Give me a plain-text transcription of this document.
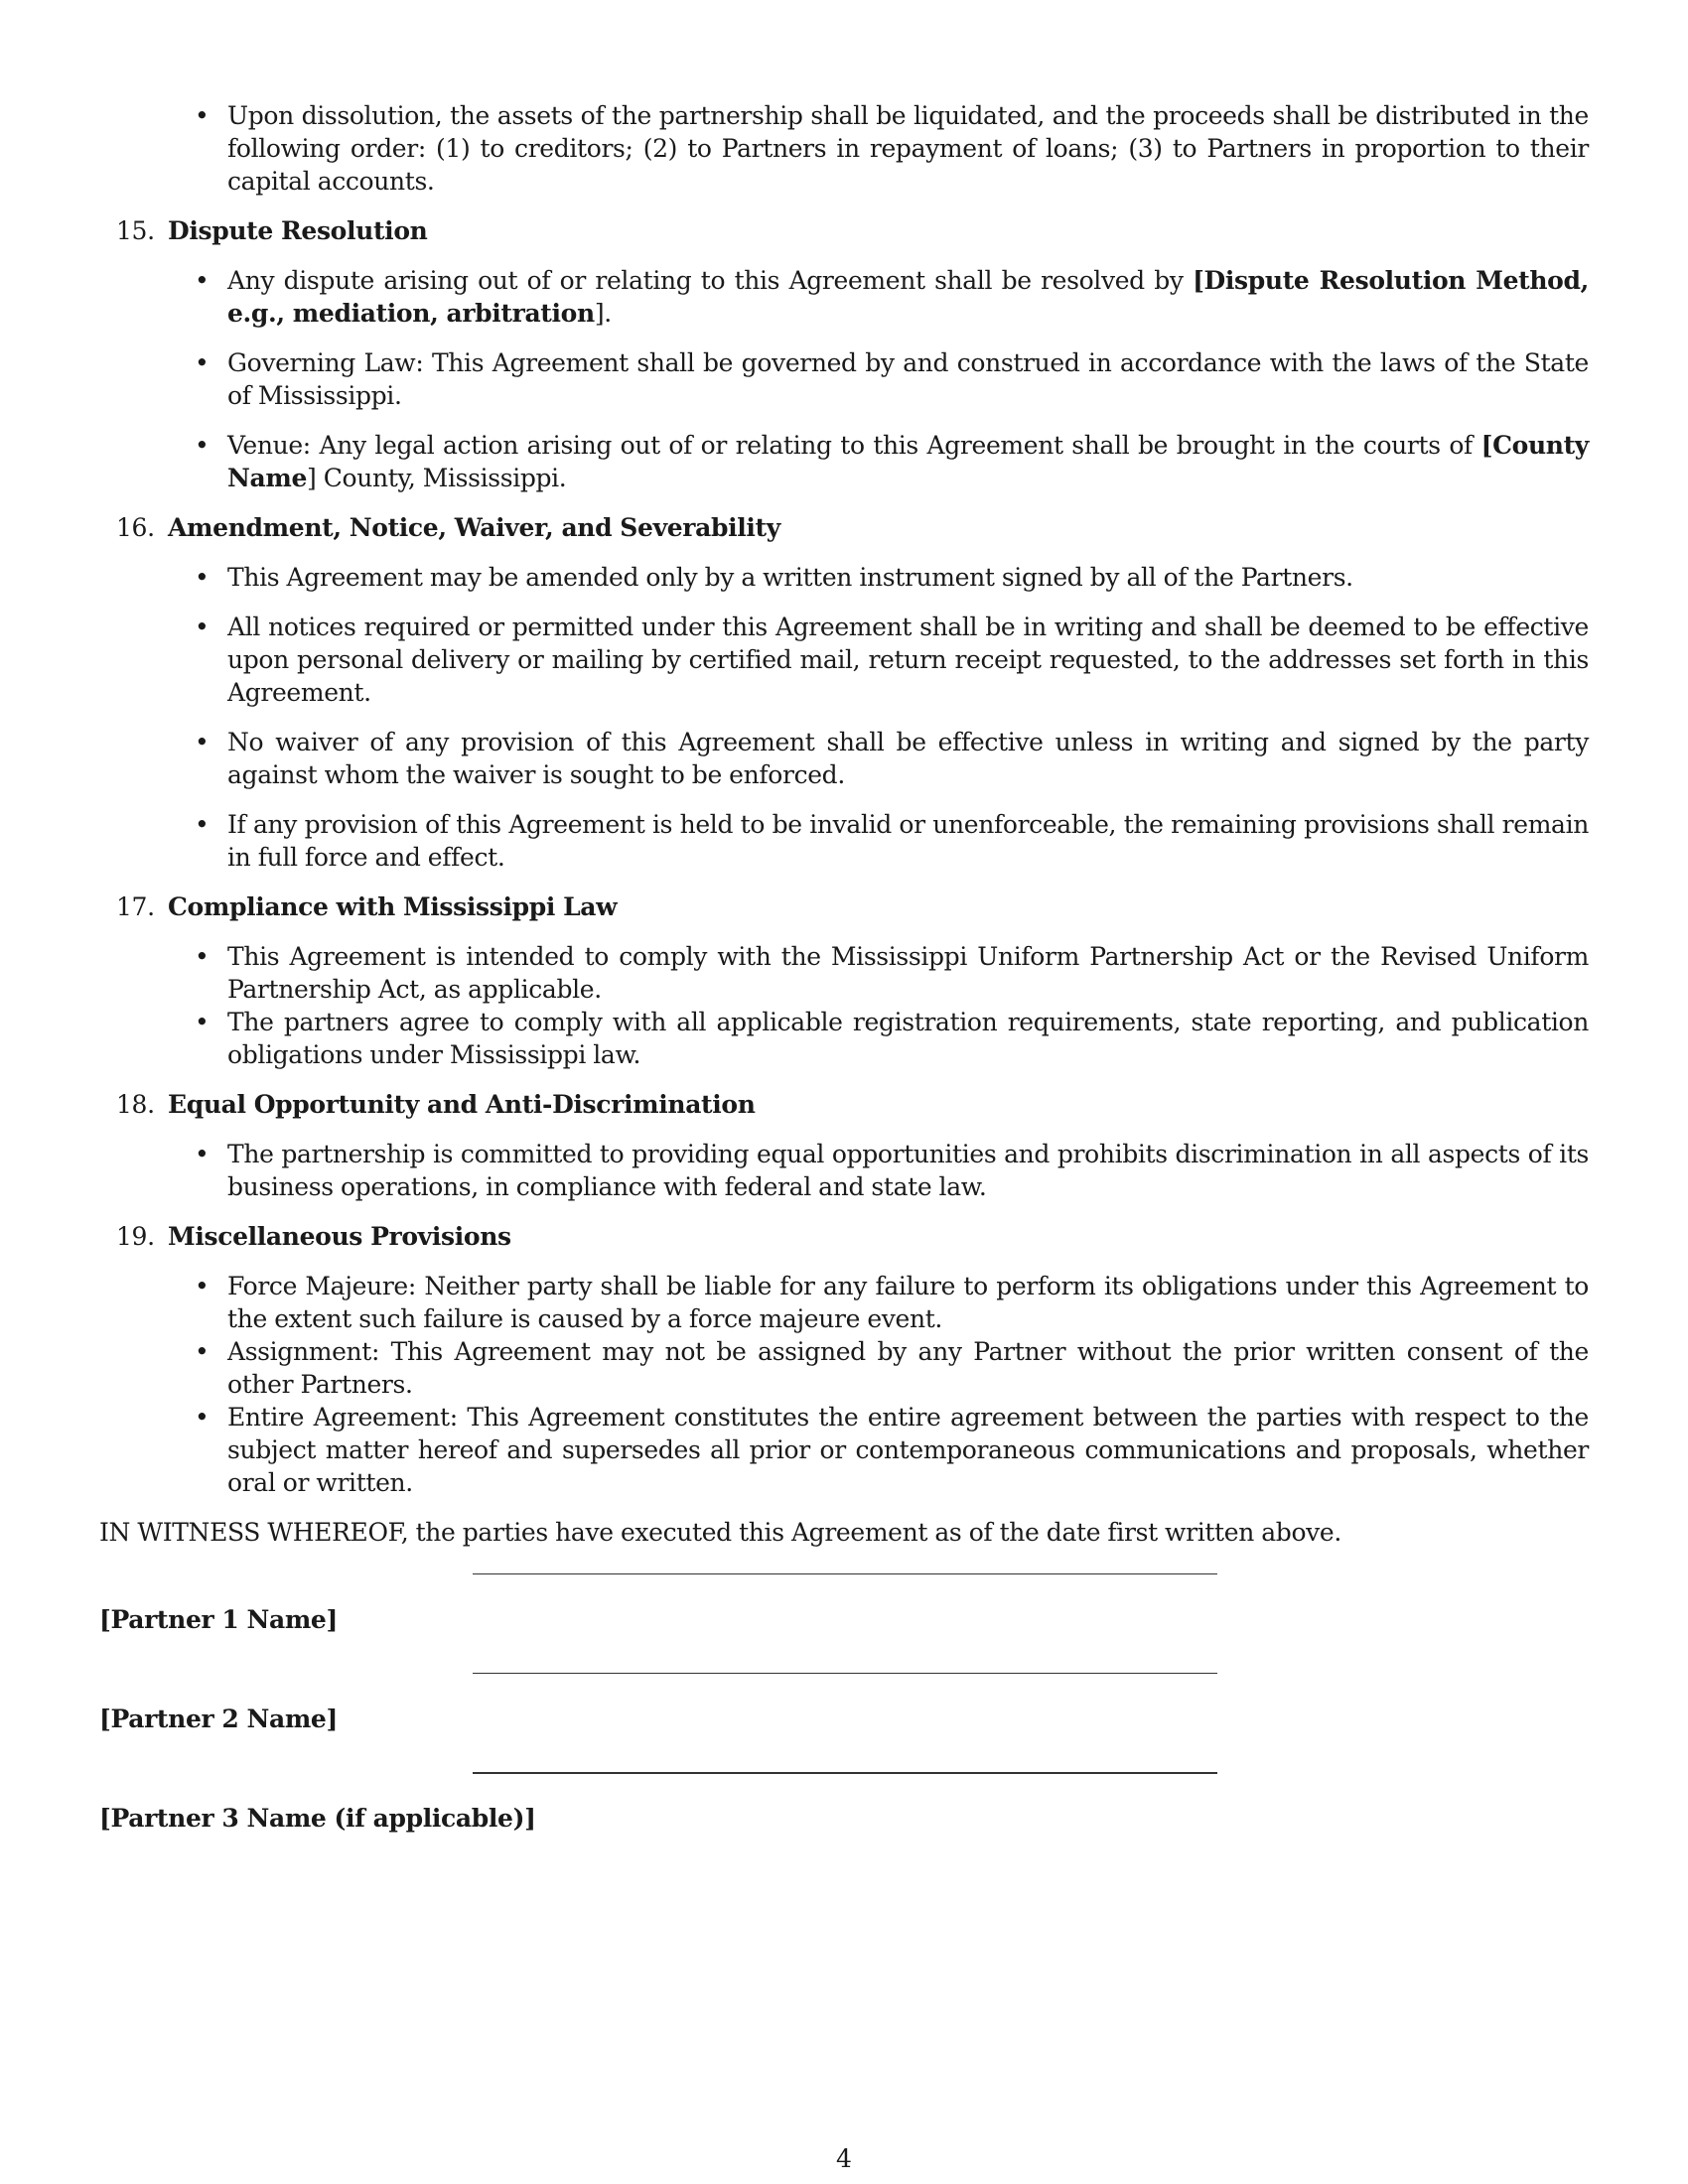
• Upon dissolution, the assets of the partnership shall be liquidated, and the proceeds shall be distributed in the following order: (1) to creditors; (2) to Partners in repayment of loans; (3) to Partners in proportion to their capital accounts.
15. Dispute Resolution
• Any dispute arising out of or relating to this Agreement shall be resolved by [Dispute Resolution Method, e.g., mediation, arbitration].
• Governing Law: This Agreement shall be governed by and construed in accordance with the laws of the State of Mississippi.
• Venue: Any legal action arising out of or relating to this Agreement shall be brought in the courts of [County Name] County, Mississippi.
16. Amendment, Notice, Waiver, and Severability
• This Agreement may be amended only by a written instrument signed by all of the Partners.
• All notices required or permitted under this Agreement shall be in writing and shall be deemed to be effective upon personal delivery or mailing by certified mail, return receipt requested, to the addresses set forth in this Agreement.
• No waiver of any provision of this Agreement shall be effective unless in writing and signed by the party against whom the waiver is sought to be enforced.
• If any provision of this Agreement is held to be invalid or unenforceable, the remaining provisions shall remain in full force and effect.
17. Compliance with Mississippi Law
• This Agreement is intended to comply with the Mississippi Uniform Partnership Act or the Revised Uniform Partnership Act, as applicable.
• The partners agree to comply with all applicable registration requirements, state reporting, and publication obligations under Mississippi law.
18. Equal Opportunity and Anti-Discrimination
• The partnership is committed to providing equal opportunities and prohibits discrimination in all aspects of its business operations, in compliance with federal and state law.
19. Miscellaneous Provisions
• Force Majeure: Neither party shall be liable for any failure to perform its obligations under this Agreement to the extent such failure is caused by a force majeure event.
• Assignment: This Agreement may not be assigned by any Partner without the prior written consent of the other Partners.
• Entire Agreement: This Agreement constitutes the entire agreement between the parties with respect to the subject matter hereof and supersedes all prior or contemporaneous communications and proposals, whether oral or written.

IN WITNESS WHEREOF, the parties have executed this Agreement as of the date first written above.

[Partner 1 Name]
[Partner 2 Name]
[Partner 3 Name (if applicable)]
4
